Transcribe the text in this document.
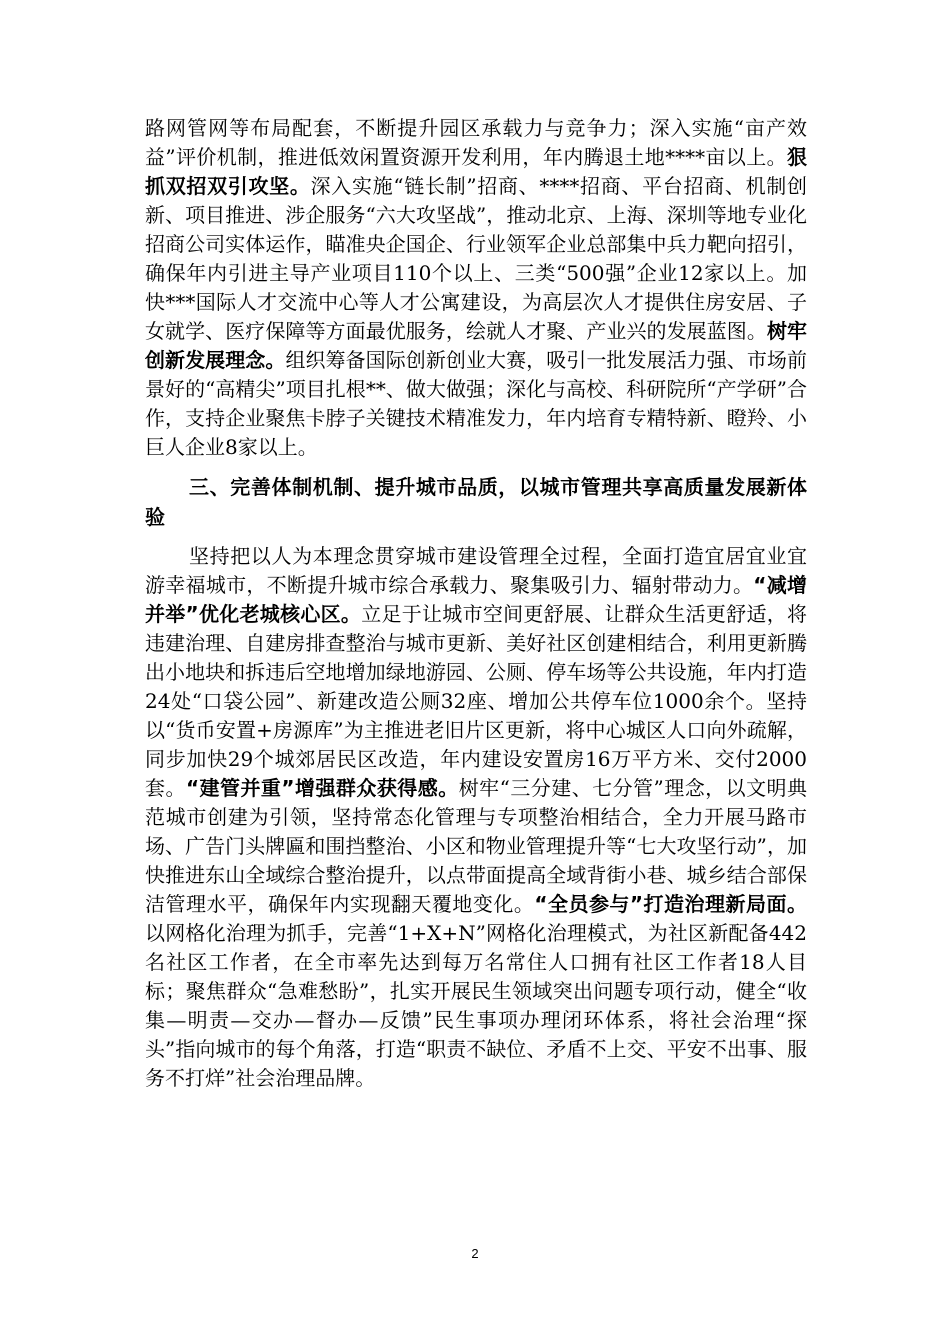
路网管网等布局配套，不断提升园区承载力与竞争力；深入实施“亩产效益”评价机制，推进低效闲置资源开发利用，年内腾退土地****亩以上。狠抓双招双引攻坚。深入实施“链长制”招商、****招商、平台招商、机制创新、项目推进、涉企服务“六大攻坚战”，推动北京、上海、深圳等地专业化招商公司实体运作，瞄准央企国企、行业领军企业总部集中兵力靶向招引，确保年内引进主导产业项目110个以上、三类“500强”企业12家以上。加快***国际人才交流中心等人才公寓建设，为高层次人才提供住房安居、子女就学、医疗保障等方面最优服务，绘就人才聚、产业兴的发展蓝图。树牢创新发展理念。组织筹备国际创新创业大赛，吸引一批发展活力强、市场前景好的“高精尖”项目扎根**、做大做强；深化与高校、科研院所“产学研”合作，支持企业聚焦卡脖子关键技术精准发力，年内培育专精特新、瞪羚、小巨人企业8家以上。

三、完善体制机制、提升城市品质，以城市管理共享高质量发展新体验

坚持把以人为本理念贯穿城市建设管理全过程，全面打造宜居宜业宜游幸福城市，不断提升城市综合承载力、聚集吸引力、辐射带动力。“减增并举”优化老城核心区。立足于让城市空间更舒展、让群众生活更舒适，将违建治理、自建房排查整治与城市更新、美好社区创建相结合，利用更新腾出小地块和拆违后空地增加绿地游园、公厕、停车场等公共设施，年内打造24处“口袋公园”、新建改造公厕32座、增加公共停车位1000余个。坚持以“货币安置+房源库”为主推进老旧片区更新，将中心城区人口向外疏解，同步加快29个城郊居民区改造，年内建设安置房16万平方米、交付2000套。“建管并重”增强群众获得感。树牢“三分建、七分管”理念，以文明典范城市创建为引领，坚持常态化管理与专项整治相结合，全力开展马路市场、广告门头牌匾和围挡整治、小区和物业管理提升等“七大攻坚行动”，加快推进东山全域综合整治提升，以点带面提高全域背街小巷、城乡结合部保洁管理水平，确保年内实现翻天覆地变化。“全员参与”打造治理新局面。以网格化治理为抓手，完善“1+X+N”网格化治理模式，为社区新配备442名社区工作者，在全市率先达到每万名常住人口拥有社区工作者18人目标；聚焦群众“急难愁盼”，扎实开展民生领域突出问题专项行动，健全“收集—明责—交办—督办—反馈”民生事项办理闭环体系，将社会治理“探头”指向城市的每个角落，打造“职责不缺位、矛盾不上交、平安不出事、服务不打烊”社会治理品牌。

2
